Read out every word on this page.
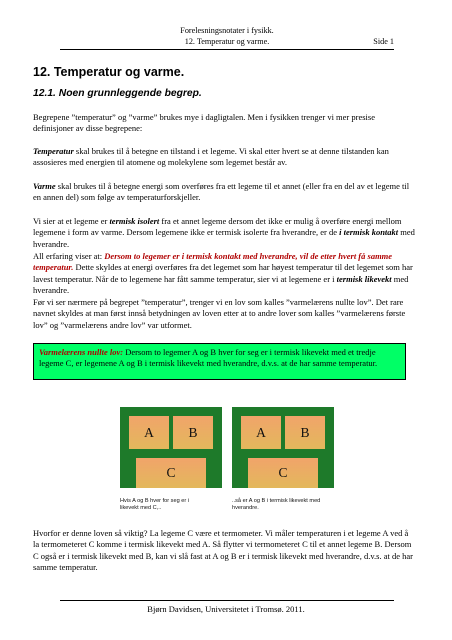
Forelesningsnotater i fysikk.
12. Temperatur og varme.	Side 1
12. Temperatur og varme.
12.1. Noen grunnleggende begrep.

Begrepene ”temperatur” og ”varme” brukes mye i dagligtalen. Men i fysikken trenger vi mer presise definisjoner av disse begrepene:

Temperatur skal brukes til å betegne en tilstand i et legeme. Vi skal etter hvert se at denne tilstanden kan assosieres med energien til atomene og molekylene som legemet består av.

Varme skal brukes til å betegne energi som overføres fra ett legeme til et annet (eller fra en del av et legeme til en annen del) som følge av temperaturforskjeller.

Vi sier at et legeme er termisk isolert fra et annet legeme dersom det ikke er mulig å overføre energi mellom legemene i form av varme. Dersom legemene ikke er termisk isolerte fra hverandre, er de i termisk kontakt med hverandre.

All erfaring viser at: Dersom to legemer er i termisk kontakt med hverandre, vil de etter hvert få samme temperatur. Dette skyldes at energi overføres fra det legemet som har høyest temperatur til det legemet som har lavest temperatur. Når de to legemene har fått samme temperatur, sier vi at legemene er i termisk likevekt med hverandre.

Før vi ser nærmere på begrepet ”temperatur”, trenger vi en lov som kalles ”varmelærens nullte lov”. Det rare navnet skyldes at man først innså betydningen av loven etter at to andre lover som kalles ”varmelærens første lov” og ”varmelærens andre lov” var utformet.

Varmelærens nullte lov: Dersom to legemer A og B hver for seg er i termisk likevekt med et tredje legeme C, er legemene A og B i termisk likevekt med hverandre, d.v.s. at de har samme temperatur.
A	B
C
A	B
C
Hvis A og B hver for seg er i likevekt med C,..
..så er A og B i termisk likevekt med hverandre.

Hvorfor er denne loven så viktig? La legeme C være et termometer. Vi måler temperaturen i et legeme A ved å la termometeret C komme i termisk likevekt med A. Så flytter vi termometeret C til et annet legeme B. Dersom C også er i termisk likevekt med B, kan vi slå fast at A og B er i termisk likevekt med hverandre, d.v.s. at de har samme temperatur.

Bjørn Davidsen, Universitetet i Tromsø. 2011.
